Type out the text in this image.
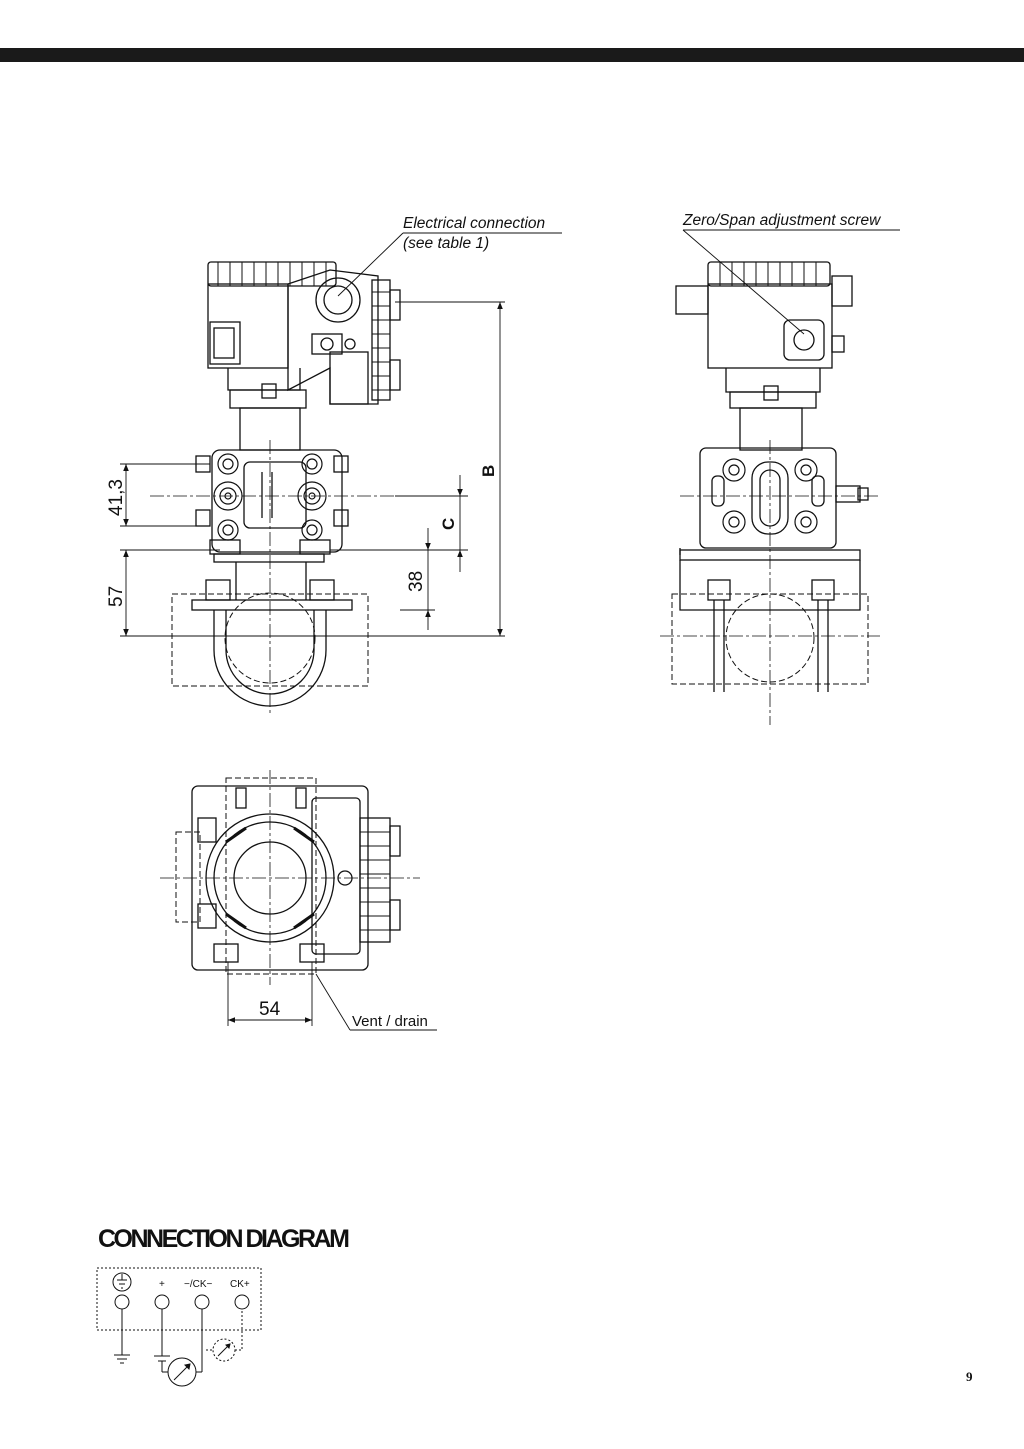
41,3
57
B
C
38
Electrical connection
(see table 1)
Zero/Span adjustment screw
54
Vent / drain
+ −/CK− CK+
CONNECTION DIAGRAM
9
